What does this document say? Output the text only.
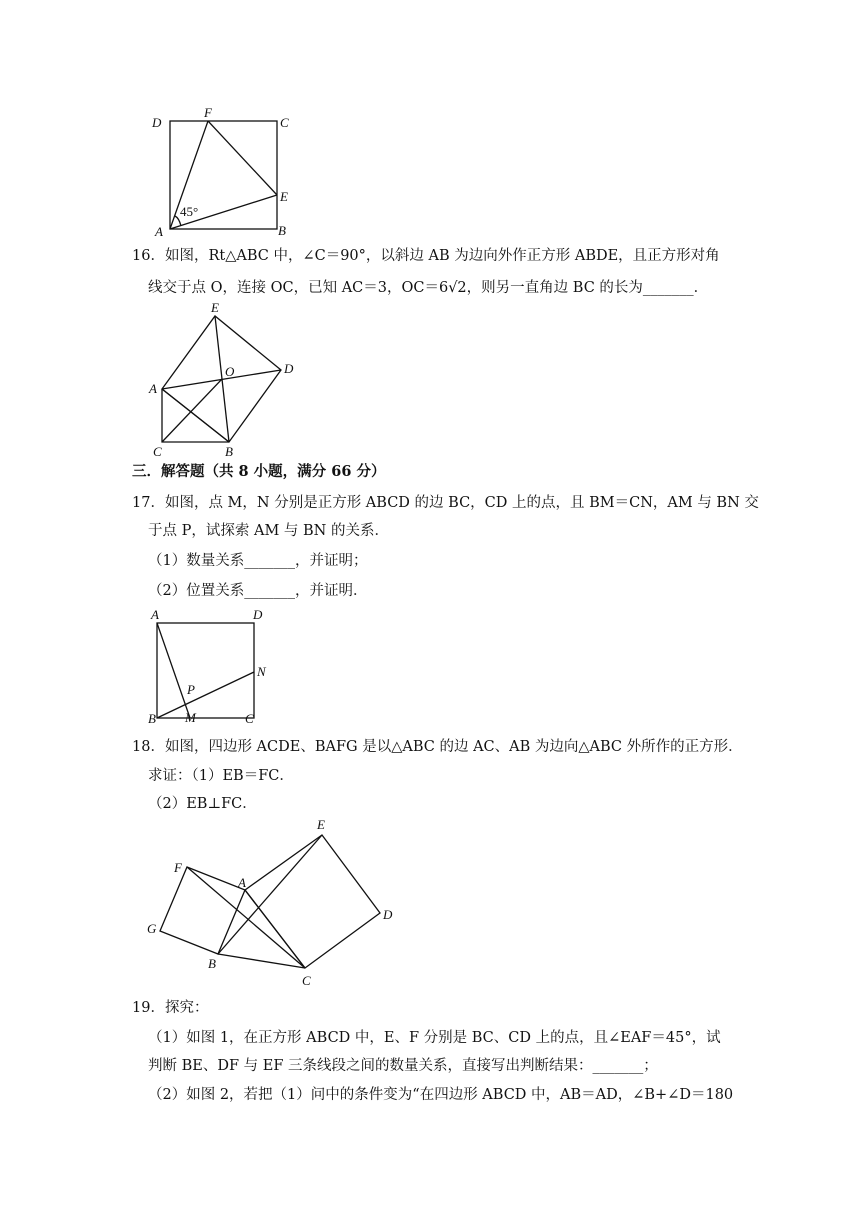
D
F
C
E
A	B
45°
16．如图，Rt△ABC 中，∠C＝90°，以斜边 AB 为边向外作正方形 ABDE，且正方形对角
线交于点 O，连接 OC，已知 AC＝3，OC＝6√2，则另一直角边 BC 的长为_______．
E
O	D
A
C	B
三．解答题（共 8 小题，满分 66 分）
17．如图，点 M，N 分别是正方形 ABCD 的边 BC，CD 上的点，且 BM＝CN，AM 与 BN 交
于点 P，试探索 AM 与 BN 的关系．
（1）数量关系_______，并证明；
（2）位置关系_______，并证明．
A	D
N
P
B M	C
18．如图，四边形 ACDE、BAFG 是以△ABC 的边 AC、AB 为边向△ABC 外所作的正方形．
求证：（1）EB＝FC．
（2）EB⊥FC．
E
F
A
D
G
B
C
19．探究：
（1）如图 1，在正方形 ABCD 中，E、F 分别是 BC、CD 上的点，且∠EAF＝45°，试
判断 BE、DF 与 EF 三条线段之间的数量关系，直接写出判断结果：_______；
（2）如图 2，若把（1）问中的条件变为“在四边形 ABCD 中，AB＝AD，∠B+∠D＝180
